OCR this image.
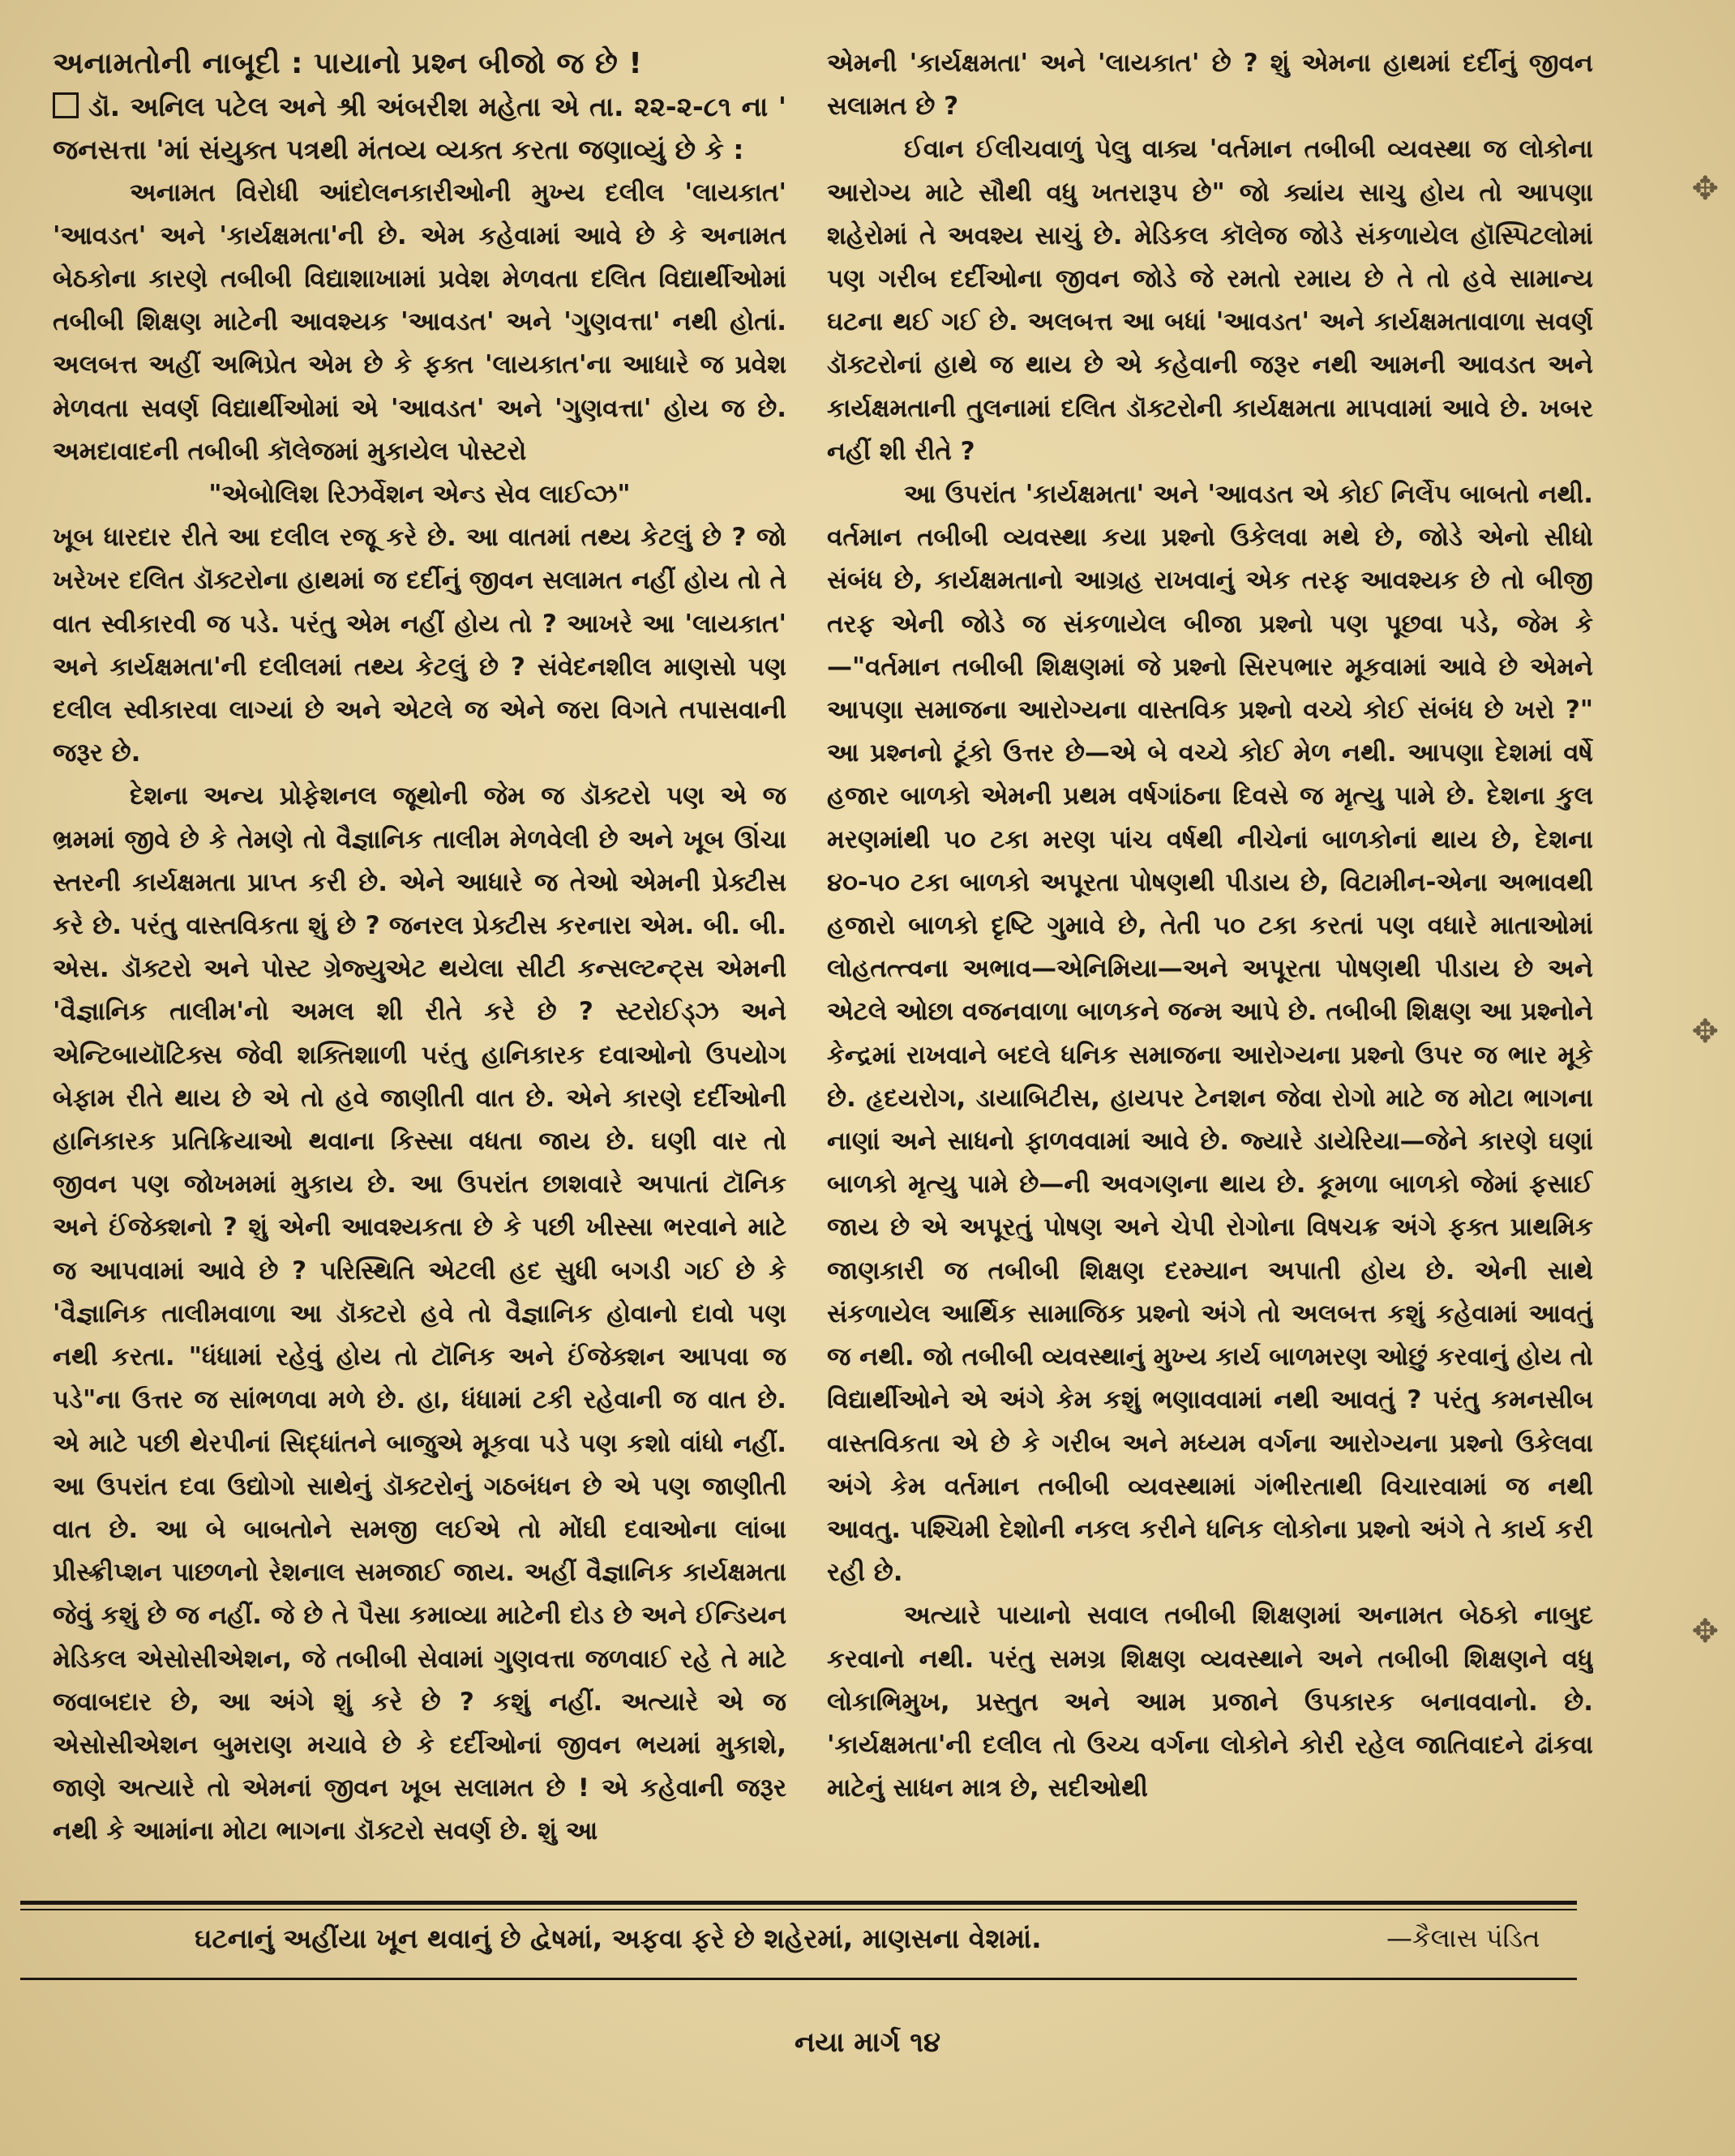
અનામતોની નાબૂદી : પાયાનો પ્રશ્ન બીજો જ છે !

ડૉ. અનિલ પટેલ અને શ્રી અંબરીશ મહેતા એ તા. ૨૨-૨-૮૧ ના ' જનસત્તા 'માં સંયુક્ત પત્રથી મંતવ્ય વ્યક્ત કરતા જણાવ્યું છે કે :

અનામત વિરોધી આંદોલનકારીઓની મુખ્ય દલીલ 'લાયકાત' 'આવડત' અને 'કાર્યક્ષમતા'ની છે. એમ કહેવામાં આવે છે કે અનામત બેઠકોના કારણે તબીબી વિદ્યાશાખામાં પ્રવેશ મેળવતા દલિત વિદ્યાર્થીઓમાં તબીબી શિક્ષણ માટેની આવશ્યક 'આવડત' અને 'ગુણવત્તા' નથી હોતાં. અલબત્ત અહીં અભિપ્રેત એમ છે કે ફક્ત 'લાયકાત'ના આધારે જ પ્રવેશ મેળવતા સવર્ણ વિદ્યાર્થીઓમાં એ 'આવડત' અને 'ગુણવત્તા' હોય જ છે. અમદાવાદની તબીબી કૉલેજમાં મુકાયેલ પોસ્ટરો

"એબોલિશ રિઝર્વેશન એન્ડ સેવ લાઈવ્ઝ"

ખૂબ ધારદાર રીતે આ દલીલ રજૂ કરે છે. આ વાતમાં તથ્ય કેટલું છે ? જો ખરેખર દલિત ડૉક્ટરોના હાથમાં જ દર્દીનું જીવન સલામત નહીં હોય તો તે વાત સ્વીકારવી જ પડે. પરંતુ એમ નહીં હોય તો ? આખરે આ 'લાયકાત' અને કાર્યક્ષમતા'ની દલીલમાં તથ્ય કેટલું છે ? સંવેદનશીલ માણસો પણ દલીલ સ્વીકારવા લાગ્યાં છે અને એટલે જ એને જરા વિગતે તપાસવાની જરૂર છે.

દેશના અન્ય પ્રોફેશનલ જૂથોની જેમ જ ડૉક્ટરો પણ એ જ ભ્રમમાં જીવે છે કે તેમણે તો વૈજ્ઞાનિક તાલીમ મેળવેલી છે અને ખૂબ ઊંચા સ્તરની કાર્યક્ષમતા પ્રાપ્ત કરી છે. એને આધારે જ તેઓ એમની પ્રેક્ટીસ કરે છે. પરંતુ વાસ્તવિકતા શું છે ? જનરલ પ્રેક્ટીસ કરનારા એમ. બી. બી. એસ. ડૉક્ટરો અને પોસ્ટ ગ્રેજ્યુએટ થયેલા સીટી કન્સલ્ટન્ટ્સ એમની 'વૈજ્ઞાનિક તાલીમ'નો અમલ શી રીતે કરે છે ? સ્ટરોઈડ્ઝ અને એન્ટિબાયૉટિક્સ જેવી શક્તિશાળી પરંતુ હાનિકારક દવાઓનો ઉપયોગ બેફામ રીતે થાય છે એ તો હવે જાણીતી વાત છે. એને કારણે દર્દીઓની હાનિકારક પ્રતિક્રિયાઓ થવાના કિસ્સા વધતા જાય છે. ઘણી વાર તો જીવન પણ જોખમમાં મુકાય છે. આ ઉપરાંત છાશવારે અપાતાં ટૉનિક અને ઈંજેક્શનો ? શું એની આવશ્યકતા છે કે પછી ખીસ્સા ભરવાને માટે જ આપવામાં આવે છે ? પરિસ્થિતિ એટલી હદ સુધી બગડી ગઈ છે કે 'વૈજ્ઞાનિક તાલીમવાળા આ ડૉક્ટરો હવે તો વૈજ્ઞાનિક હોવાનો દાવો પણ નથી કરતા. "ધંધામાં રહેવું હોય તો ટૉનિક અને ઈંજેક્શન આપવા જ પડે"ના ઉત્તર જ સાંભળવા મળે છે. હા, ધંધામાં ટકી રહેવાની જ વાત છે. એ માટે પછી થેરપીનાં સિદ્ધાંતને બાજુએ મૂકવા પડે પણ કશો વાંધો નહીં. આ ઉપરાંત દવા ઉદ્યોગો સાથેનું ડૉક્ટરોનું ગઠબંધન છે એ પણ જાણીતી વાત છે. આ બે બાબતોને સમજી લઈએ તો મોંઘી દવાઓના લાંબા પ્રીસ્ક્રીપ્શન પાછળનો રેશનાલ સમજાઈ જાય. અહીં વૈજ્ઞાનિક કાર્યક્ષમતા જેવું કશું છે જ નહીં. જે છે તે પૈસા કમાવ્યા માટેની દોડ છે અને ઈન્ડિયન મેડિકલ એસોસીએશન, જે તબીબી સેવામાં ગુણવત્તા જળવાઈ રહે તે માટે જવાબદાર છે, આ અંગે શું કરે છે ? કશું નહીં. અત્યારે એ જ એસોસીએશન બુમરાણ મચાવે છે કે દર્દીઓનાં જીવન ભયમાં મુકાશે, જાણે અત્યારે તો એમનાં જીવન ખૂબ સલામત છે ! એ કહેવાની જરૂર નથી કે આમાંના મોટા ભાગના ડૉક્ટરો સવર્ણ છે. શું આ

એમની 'કાર્યક્ષમતા' અને 'લાયકાત' છે ? શું એમના હાથમાં દર્દીનું જીવન સલામત છે ?

ઈવાન ઈલીચવાળું પેલુ વાક્ય 'વર્તમાન તબીબી વ્યવસ્થા જ લોકોના આરોગ્ય માટે સૌથી વધુ ખતરારૂપ છે" જો ક્યાંય સાચુ હોય તો આપણા શહેરોમાં તે અવશ્ય સાચું છે. મેડિકલ કૉલેજ જોડે સંકળાયેલ હૉસ્પિટલોમાં પણ ગરીબ દર્દીઓના જીવન જોડે જે રમતો રમાય છે તે તો હવે સામાન્ય ઘટના થઈ ગઈ છે. અલબત્ત આ બધાં 'આવડત' અને કાર્યક્ષમતાવાળા સવર્ણ ડૉક્ટરોનાં હાથે જ થાય છે એ કહેવાની જરૂર નથી આમની આવડત અને કાર્યક્ષમતાની તુલનામાં દલિત ડૉક્ટરોની કાર્યક્ષમતા માપવામાં આવે છે. ખબર નહીં શી રીતે ?

આ ઉપરાંત 'કાર્યક્ષમતા' અને 'આવડત એ કોઈ નિર્લેપ બાબતો નથી. વર્તમાન તબીબી વ્યવસ્થા કયા પ્રશ્નો ઉકેલવા મથે છે, જોડે એનો સીધો સંબંધ છે, કાર્યક્ષમતાનો આગ્રહ રાખવાનું એક તરફ આવશ્યક છે તો બીજી તરફ એની જોડે જ સંકળાયેલ બીજા પ્રશ્નો પણ પૂછવા પડે, જેમ કે—"વર્તમાન તબીબી શિક્ષણમાં જે પ્રશ્નો સિરપભાર મૂકવામાં આવે છે એમને આપણા સમાજના આરોગ્યના વાસ્તવિક પ્રશ્નો વચ્ચે કોઈ સંબંધ છે ખરો ?" આ પ્રશ્નનો ટૂંકો ઉત્તર છે—એ બે વચ્ચે કોઈ મેળ નથી. આપણા દેશમાં વર્ષે હજાર બાળકો એમની પ્રથમ વર્ષગાંઠના દિવસે જ મૃત્યુ પામે છે. દેશના કુલ મરણમાંથી ૫૦ ટકા મરણ પાંચ વર્ષથી નીચેનાં બાળકોનાં થાય છે, દેશના ૪૦-૫૦ ટકા બાળકો અપૂરતા પોષણથી પીડાય છે, વિટામીન-એના અભાવથી હજારો બાળકો દૃષ્ટિ ગુમાવે છે, તેતી ૫૦ ટકા કરતાં પણ વધારે માતાઓમાં લોહતત્ત્વના અભાવ—એનિમિયા—અને અપૂરતા પોષણથી પીડાય છે અને એટલે ઓછા વજનવાળા બાળકને જન્મ આપે છે. તબીબી શિક્ષણ આ પ્રશ્નોને કેન્દ્રમાં રાખવાને બદલે ધનિક સમાજના આરોગ્યના પ્રશ્નો ઉપર જ ભાર મૂકે છે. હૃદયરોગ, ડાયાબિટીસ, હાયપર ટેનશન જેવા રોગો માટે જ મોટા ભાગના નાણાં અને સાધનો ફાળવવામાં આવે છે. જ્યારે ડાયેરિયા—જેને કારણે ઘણાં બાળકો મૃત્યુ પામે છે—ની અવગણના થાય છે. કૂમળા બાળકો જેમાં ફસાઈ જાય છે એ અપૂરતું પોષણ અને ચેપી રોગોના વિષચક્ર અંગે ફક્ત પ્રાથમિક જાણકારી જ તબીબી શિક્ષણ દરમ્યાન અપાતી હોય છે. એની સાથે સંકળાયેલ આર્થિક સામાજિક પ્રશ્નો અંગે તો અલબત્ત કશું કહેવામાં આવતું જ નથી. જો તબીબી વ્યવસ્થાનું મુખ્ય કાર્ય બાળમરણ ઓછું કરવાનું હોય તો વિદ્યાર્થીઓને એ અંગે કેમ કશું ભણાવવામાં નથી આવતું ? પરંતુ કમનસીબ વાસ્તવિકતા એ છે કે ગરીબ અને મધ્યમ વર્ગના આરોગ્યના પ્રશ્નો ઉકેલવા અંગે કેમ વર્તમાન તબીબી વ્યવસ્થામાં ગંભીરતાથી વિચારવામાં જ નથી આવતુ. પશ્ચિમી દેશોની નકલ કરીને ધનિક લોકોના પ્રશ્નો અંગે તે કાર્ય કરી રહી છે.

અત્યારે પાયાનો સવાલ તબીબી શિક્ષણમાં અનામત બેઠકો નાબુદ કરવાનો નથી. પરંતુ સમગ્ર શિક્ષણ વ્યવસ્થાને અને તબીબી શિક્ષણને વધુ લોકાભિમુખ, પ્રસ્તુત અને આમ પ્રજાને ઉપકારક બનાવવાનો. છે. 'કાર્યક્ષમતા'ની દલીલ તો ઉચ્ચ વર્ગના લોકોને કોરી રહેલ જાતિવાદને ઢાંકવા માટેનું સાધન માત્ર છે, સદીઓથી

ઘટનાનું અહીંયા ખૂન થવાનું છે દ્વેષમાં, અફવા ફરે છે શહેરમાં, માણસના વેશમાં.	—કૈલાસ પંડિત
નયા માર્ગ ૧૪
✥
✥
✥
